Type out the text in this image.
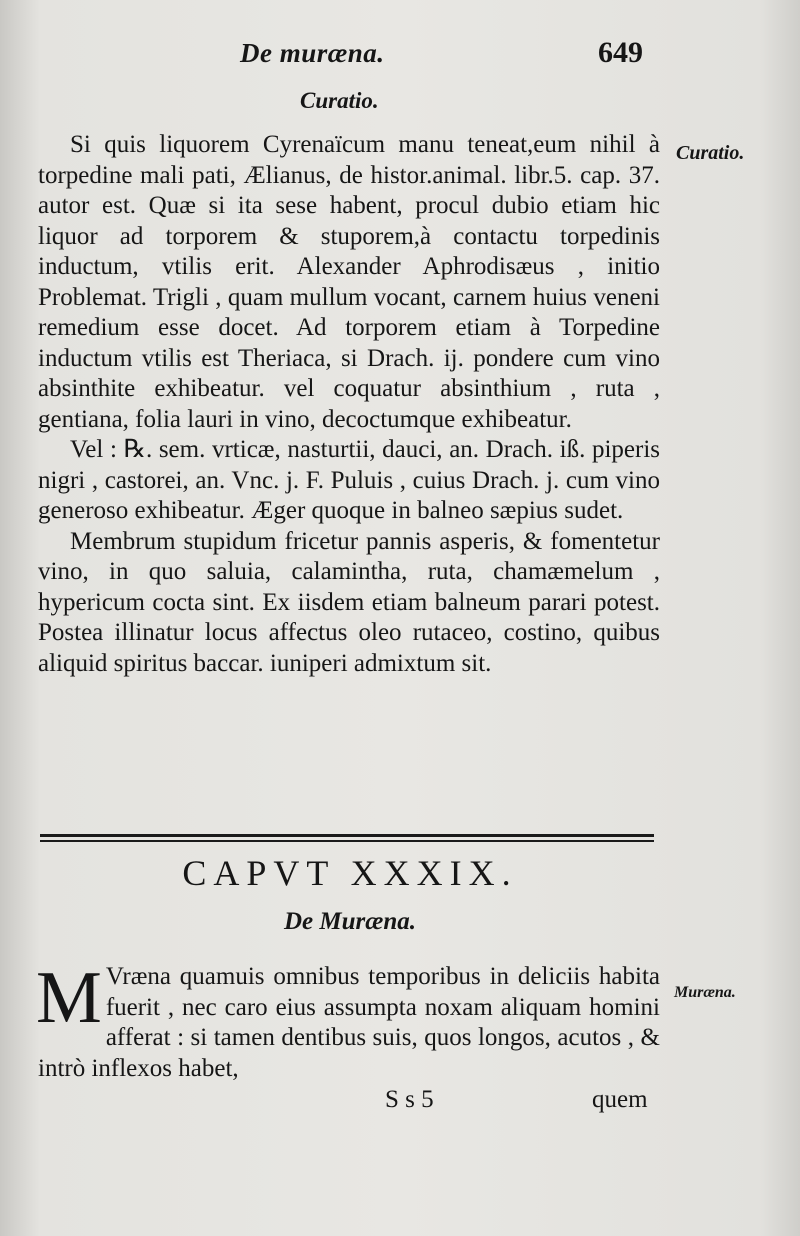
De muræna.	649
Curatio.
Curatio.

Si quis liquorem Cyrenaïcum manu teneat,eum nihil à torpedine mali pati, Ælianus, de histor.animal. libr.5. cap. 37. autor est. Quæ si ita sese habent, procul dubio etiam hic liquor ad torporem & stuporem,à contactu torpedinis inductum, vtilis erit. Alexander Aphrodisæus , initio Problemat. Trigli , quam mullum vocant, carnem huius veneni remedium esse docet. Ad torporem etiam à Torpedine inductum vtilis est Theriaca, si Drach. ij. pondere cum vino absinthite exhibeatur. vel coquatur absinthium , ruta , gentiana, folia lauri in vino, decoctumque exhibeatur.

Vel : ℞. sem. vrticæ, nasturtii, dauci, an. Drach. iß. piperis nigri , castorei, an. Vnc. j. F. Puluis , cuius Drach. j. cum vino generoso exhibeatur. Æger quoque in balneo sæpius sudet.

Membrum stupidum fricetur pannis asperis, & fomentetur vino, in quo saluia, calamintha, ruta, chamæmelum , hypericum cocta sint. Ex iisdem etiam balneum parari potest. Postea illinatur locus affectus oleo rutaceo, costino, quibus aliquid spiritus baccar. iuniperi admixtum sit.

CAPVT XXXIX.
De Muræna.
Muræna.

M Vræna quamuis omnibus temporibus in deliciis habita fuerit , nec caro eius assumpta noxam aliquam homini afferat : si tamen dentibus suis, quos longos, acutos , & intrò inflexos habet,

S s 5	quem
